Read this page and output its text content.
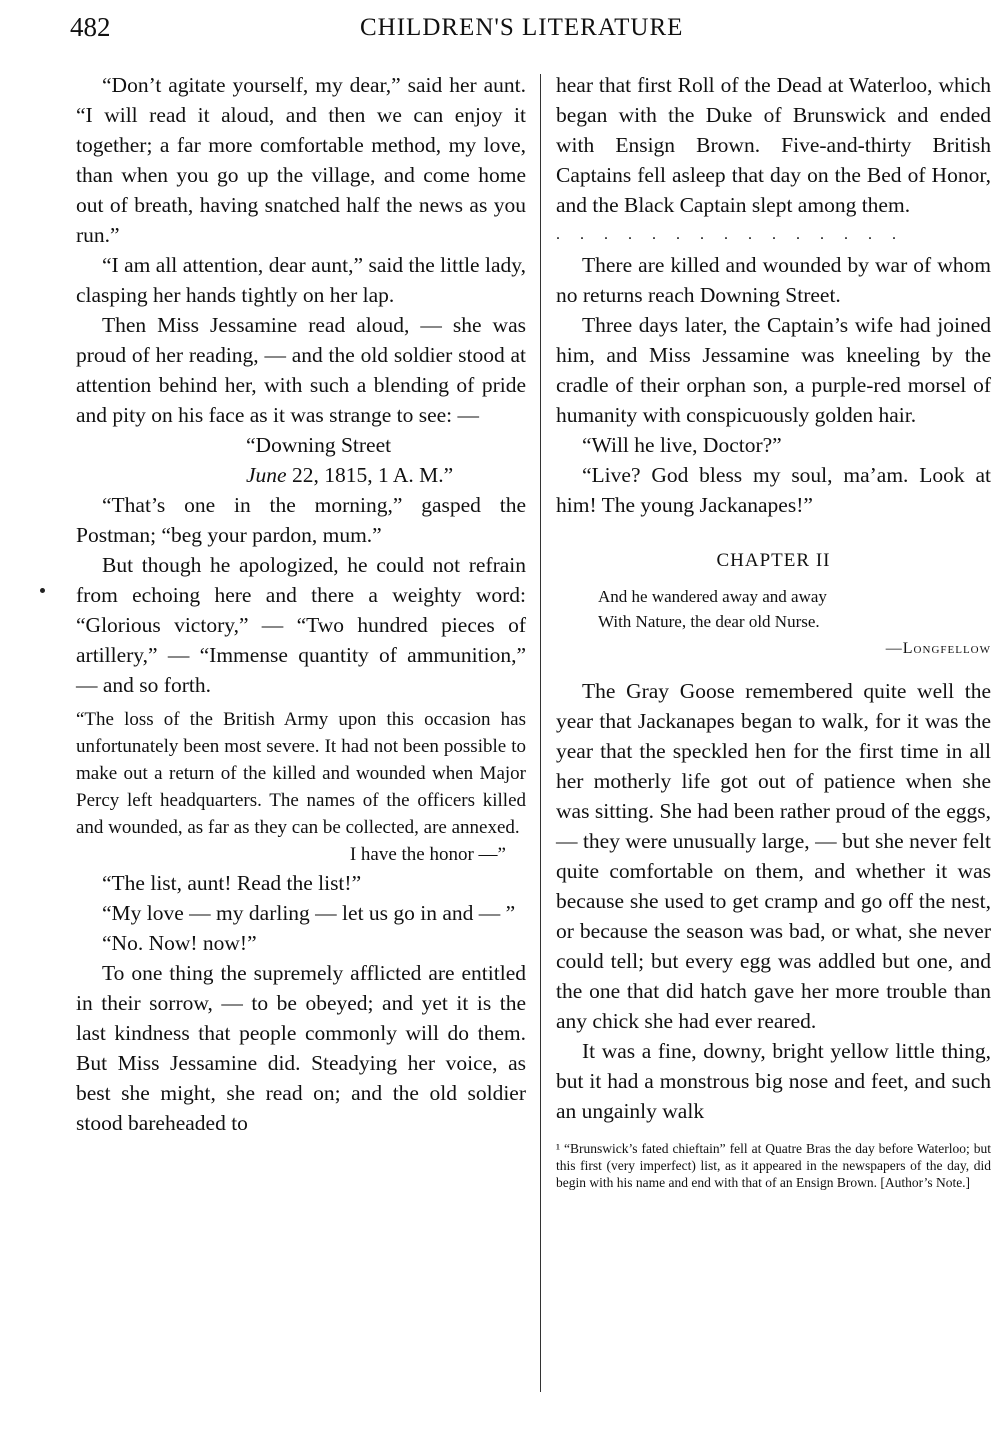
482	CHILDREN'S LITERATURE

“Don’t agitate yourself, my dear,” said her aunt. “I will read it aloud, and then we can enjoy it together; a far more comfortable method, my love, than when you go up the village, and come home out of breath, having snatched half the news as you run.”

“I am all attention, dear aunt,” said the little lady, clasping her hands tightly on her lap.

Then Miss Jessamine read aloud, — she was proud of her reading, — and the old soldier stood at attention behind her, with such a blending of pride and pity on his face as it was strange to see: —

“Downing Street

June 22, 1815, 1 A. M.”

“That’s one in the morning,” gasped the Postman; “beg your pardon, mum.”

But though he apologized, he could not refrain from echoing here and there a weighty word: “Glorious victory,” — “Two hundred pieces of artillery,” — “Immense quantity of ammunition,” — and so forth.

“The loss of the British Army upon this occasion has unfortunately been most severe. It had not been possible to make out a return of the killed and wounded when Major Percy left headquarters. The names of the officers killed and wounded, as far as they can be collected, are annexed.

I have the honor —”

“The list, aunt! Read the list!”

“My love — my darling — let us go in and — ”

“No. Now! now!”

To one thing the supremely afflicted are entitled in their sorrow, — to be obeyed; and yet it is the last kindness that people commonly will do them. But Miss Jessamine did. Steadying her voice, as best she might, she read on; and the old soldier stood bareheaded to

hear that first Roll of the Dead at Waterloo, which began with the Duke of Brunswick and ended with Ensign Brown. Five-and-thirty British Captains fell asleep that day on the Bed of Honor, and the Black Captain slept among them.

...............

There are killed and wounded by war of whom no returns reach Downing Street.

Three days later, the Captain’s wife had joined him, and Miss Jessamine was kneeling by the cradle of their orphan son, a purple-red morsel of humanity with conspicuously golden hair.

“Will he live, Doctor?”

“Live? God bless my soul, ma’am. Look at him! The young Jackanapes!”

CHAPTER II

And he wandered away and away

With Nature, the dear old Nurse.

—Longfellow

The Gray Goose remembered quite well the year that Jackanapes began to walk, for it was the year that the speckled hen for the first time in all her motherly life got out of patience when she was sitting. She had been rather proud of the eggs, — they were unusually large, — but she never felt quite comfortable on them, and whether it was because she used to get cramp and go off the nest, or because the season was bad, or what, she never could tell; but every egg was addled but one, and the one that did hatch gave her more trouble than any chick she had ever reared.

It was a fine, downy, bright yellow little thing, but it had a monstrous big nose and feet, and such an ungainly walk

¹ “Brunswick’s fated chieftain” fell at Quatre Bras the day before Waterloo; but this first (very imperfect) list, as it appeared in the newspapers of the day, did begin with his name and end with that of an Ensign Brown. [Author’s Note.]
